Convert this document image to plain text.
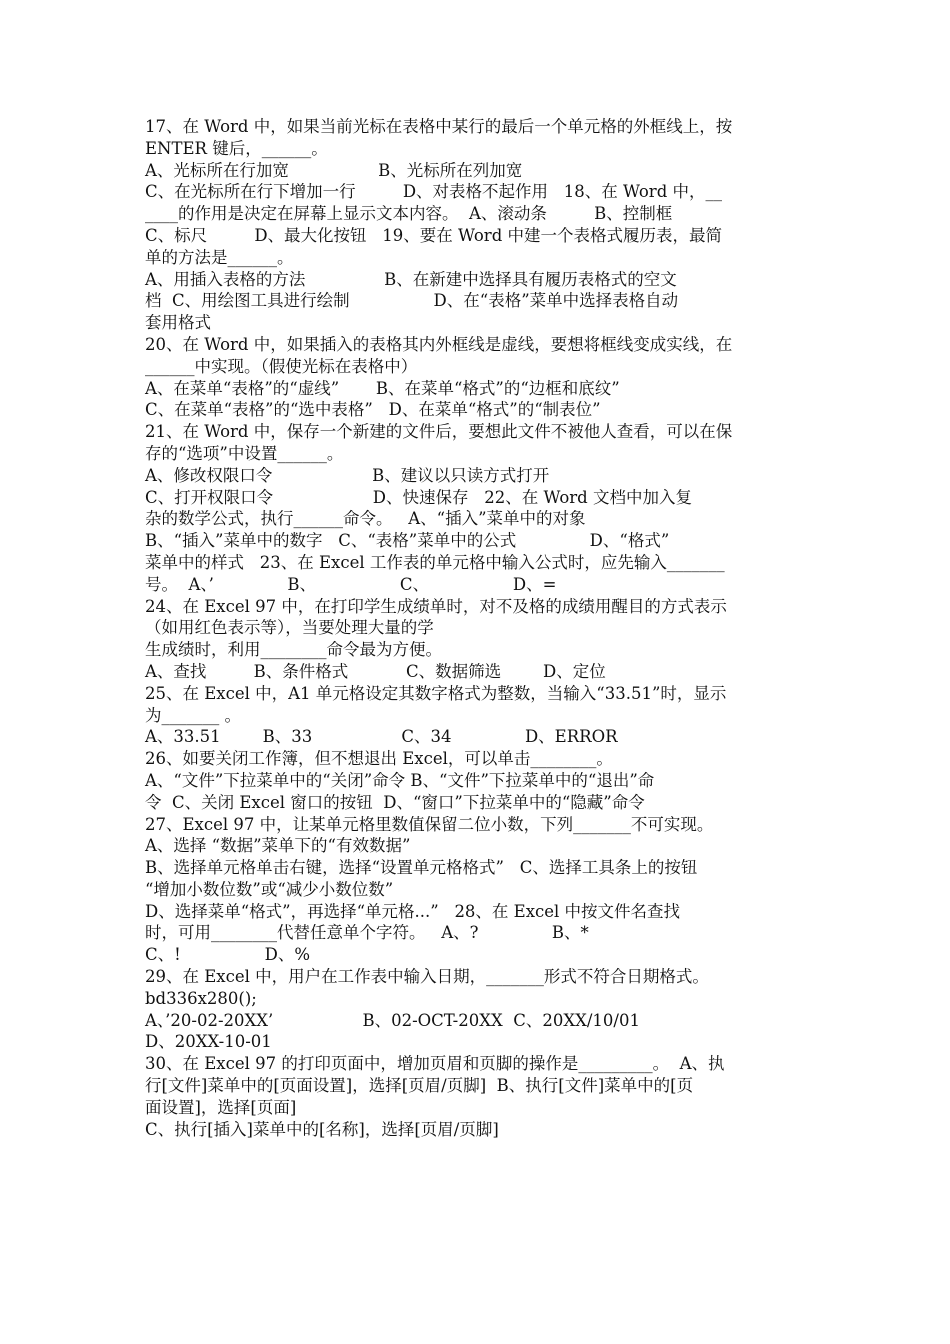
17、在 Word 中，如果当前光标在表格中某行的最后一个单元格的外框线上，按
ENTER 键后，______。
A、光标所在行加宽                 B、光标所在列加宽
C、在光标所在行下增加一行         D、对表格不起作用   18、在 Word 中，__
____的作用是决定在屏幕上显示文本内容。  A、滚动条         B、控制框
C、标尺         D、最大化按钮   19、要在 Word 中建一个表格式履历表，最简
单的方法是______。
A、用插入表格的方法               B、在新建中选择具有履历表格式的空文
档  C、用绘图工具进行绘制                D、在“表格”菜单中选择表格自动
套用格式
20、在 Word 中，如果插入的表格其内外框线是虚线，要想将框线变成实线，在
______中实现。（假使光标在表格中）
A、在菜单“表格”的“虚线”       B、在菜单“格式”的“边框和底纹”
C、在菜单“表格”的“选中表格”   D、在菜单“格式”的“制表位”
21、在 Word 中，保存一个新建的文件后，要想此文件不被他人查看，可以在保
存的“选项”中设置______。
A、修改权限口令                   B、建议以只读方式打开
C、打开权限口令                   D、快速保存   22、在 Word 文档中加入复
杂的数学公式，执行______命令。   A、“插入”菜单中的对象
B、“插入”菜单中的数字   C、“表格”菜单中的公式              D、“格式”
菜单中的样式   23、在 Excel 工作表的单元格中输入公式时，应先输入_______
号。  A、’              B、                C、                D、=
24、在 Excel 97 中，在打印学生成绩单时，对不及格的成绩用醒目的方式表示
（如用红色表示等），当要处理大量的学
生成绩时，利用________命令最为方便。
A、查找         B、条件格式           C、数据筛选        D、定位
25、在 Excel 中，A1 单元格设定其数字格式为整数，当输入“33.51”时，显示
为_______ 。
A、33.51        B、33                 C、34              D、ERROR
26、如要关闭工作簿，但不想退出 Excel，可以单击________。
A、“文件”下拉菜单中的“关闭”命令 B、“文件”下拉菜单中的“退出”命
令  C、关闭 Excel 窗口的按钮  D、“窗口”下拉菜单中的“隐藏”命令
27、Excel 97 中，让某单元格里数值保留二位小数，下列_______不可实现。
A、选择 “数据”菜单下的“有效数据”
B、选择单元格单击右键，选择“设置单元格格式”   C、选择工具条上的按钮
“增加小数位数”或“减少小数位数”
D、选择菜单“格式”，再选择“单元格...”   28、在 Excel 中按文件名查找
时，可用________代替任意单个字符。   A、?              B、*
C、!                D、%
29、在 Excel 中，用户在工作表中输入日期，_______形式不符合日期格式。
bd336x280();
A、’20-02-20XX’                 B、02-OCT-20XX  C、20XX/10/01
D、20XX-10-01
30、在 Excel 97 的打印页面中，增加页眉和页脚的操作是_________。  A、执
行[文件]菜单中的[页面设置]，选择[页眉/页脚]  B、执行[文件]菜单中的[页
面设置]，选择[页面]
C、执行[插入]菜单中的[名称]，选择[页眉/页脚]
